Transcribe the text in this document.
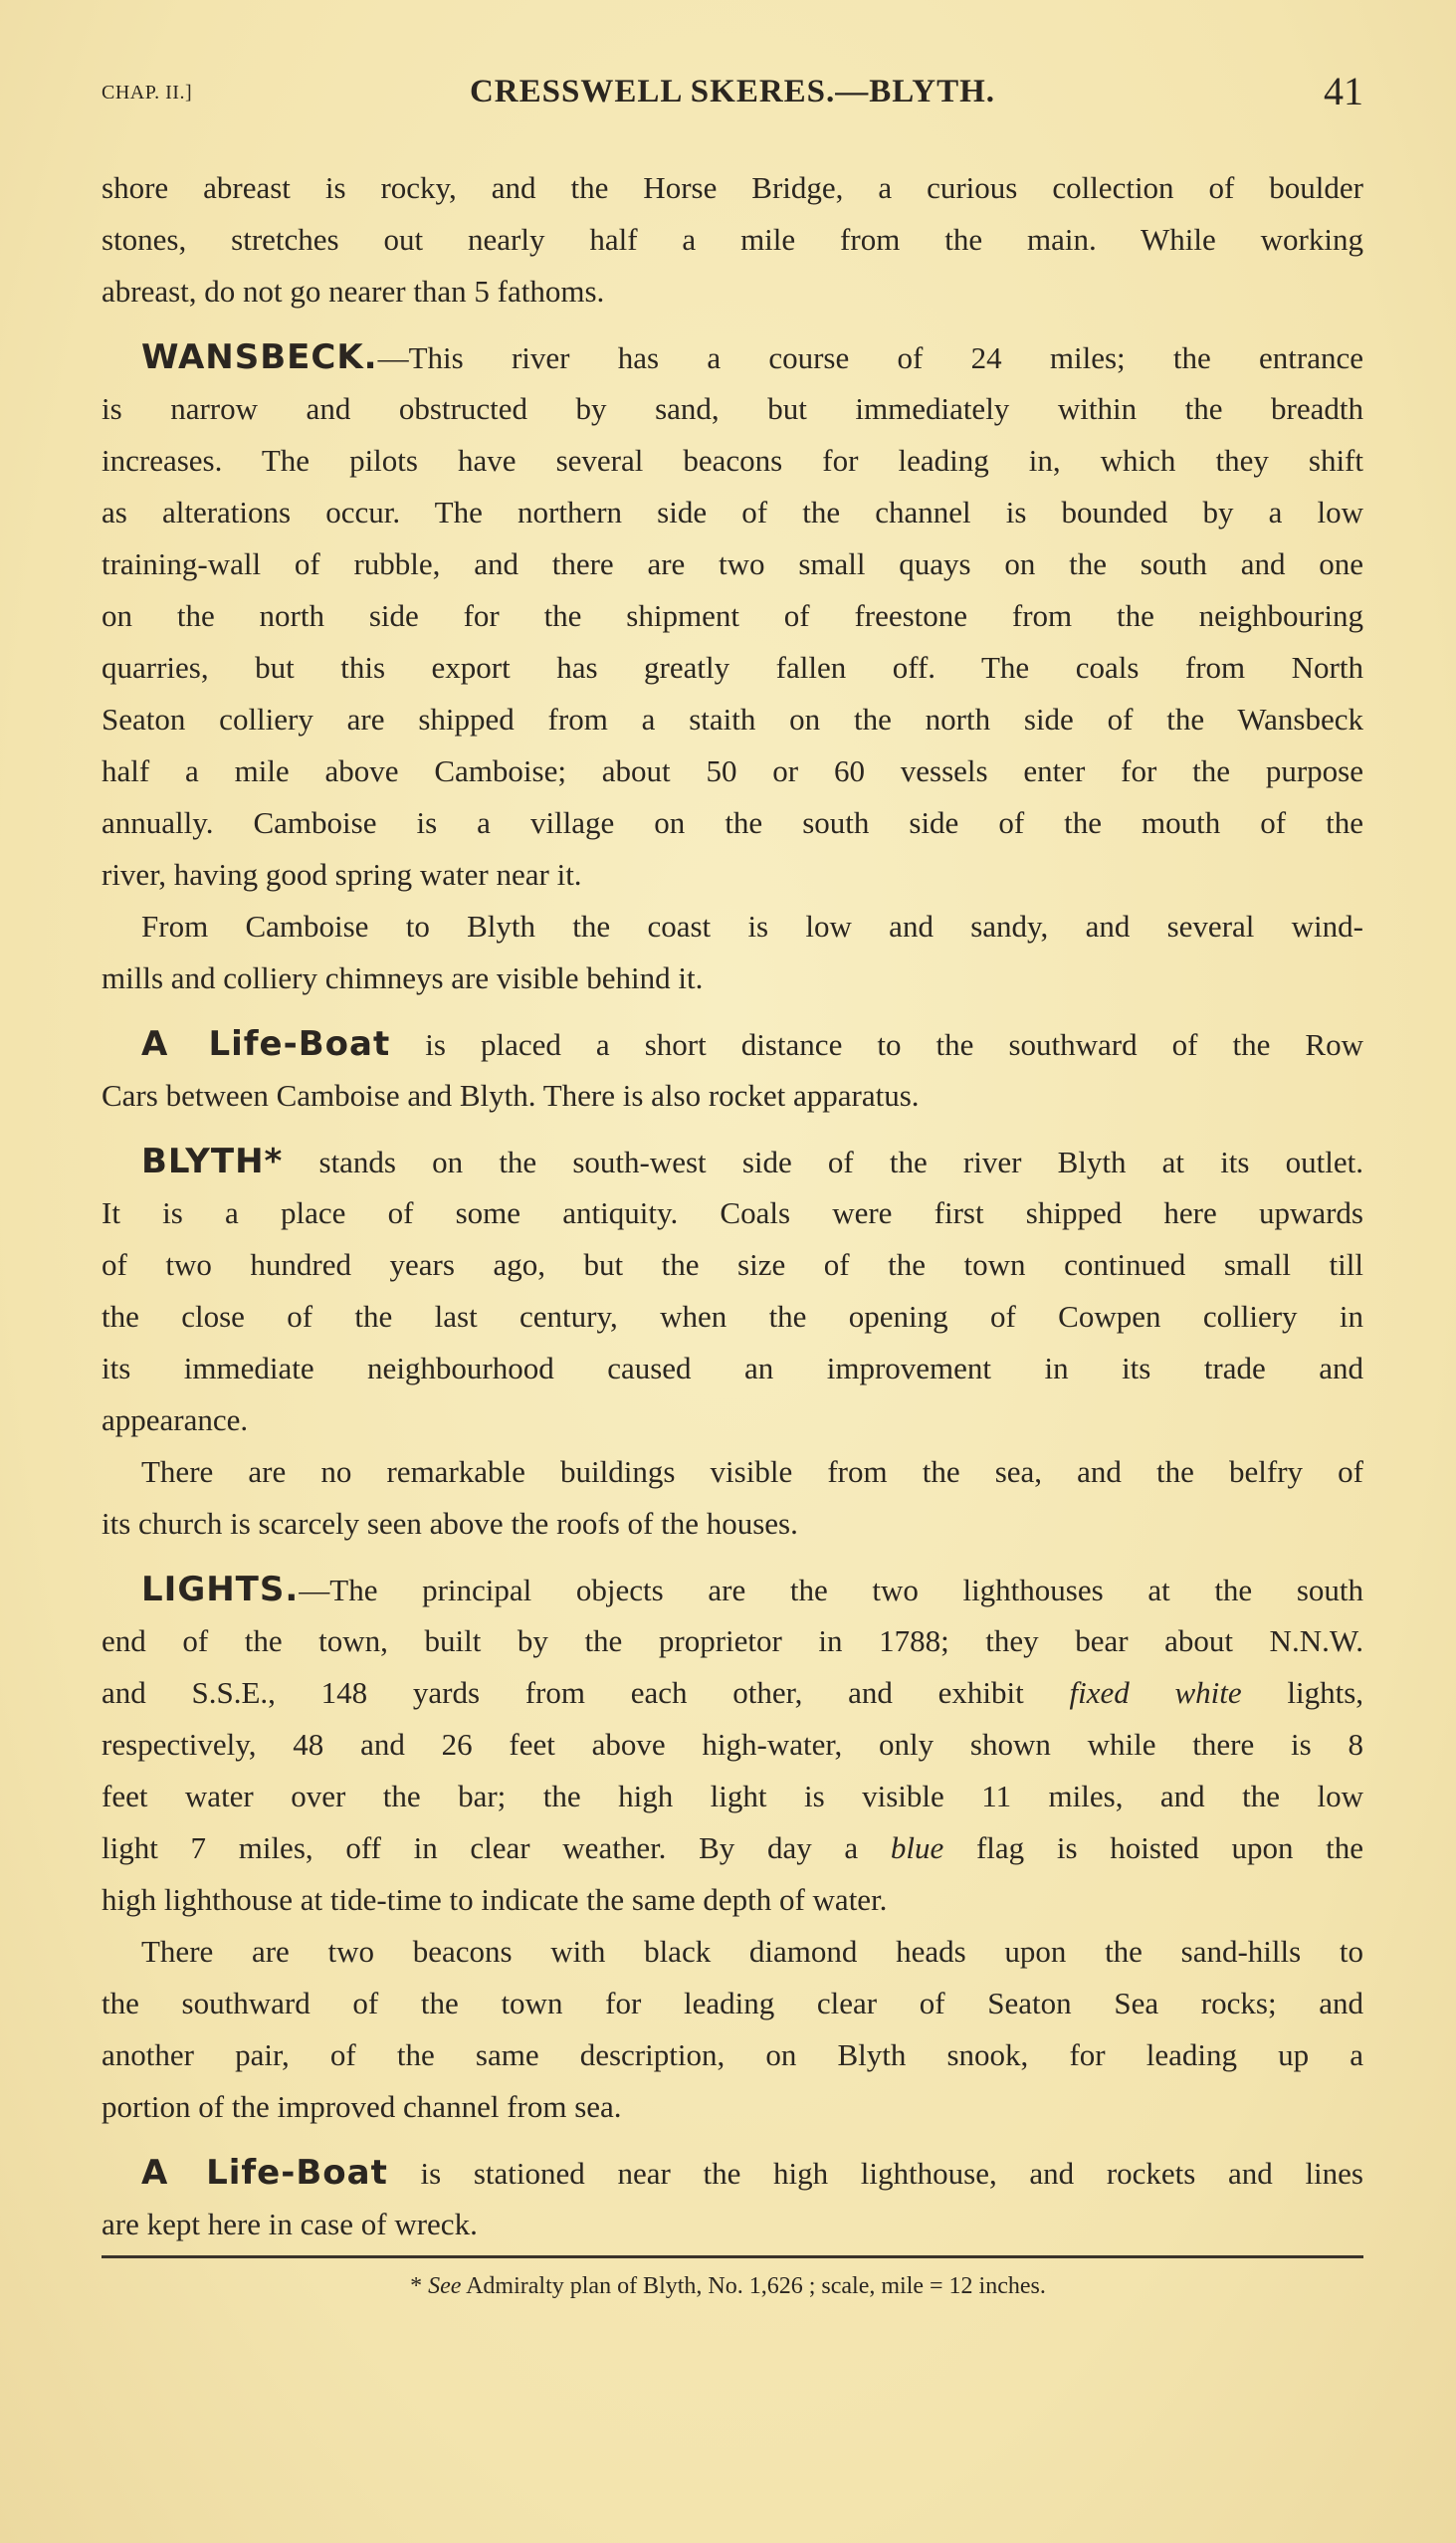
CHAP. II.]	CRESSWELL SKERES.—BLYTH.	41
shore abreast is rocky, and the Horse Bridge, a curious collection of boulder
stones, stretches out nearly half a mile from the main. While working
abreast, do not go nearer than 5 fathoms.
WANSBECK.—This river has a course of 24 miles; the entrance
is narrow and obstructed by sand, but immediately within the breadth
increases. The pilots have several beacons for leading in, which they shift
as alterations occur. The northern side of the channel is bounded by a low
training-wall of rubble, and there are two small quays on the south and one
on the north side for the shipment of freestone from the neighbouring
quarries, but this export has greatly fallen off. The coals from North
Seaton colliery are shipped from a staith on the north side of the Wansbeck
half a mile above Camboise; about 50 or 60 vessels enter for the purpose
annually. Camboise is a village on the south side of the mouth of the
river, having good spring water near it.
From Camboise to Blyth the coast is low and sandy, and several wind-
mills and colliery chimneys are visible behind it.
A Life-Boat is placed a short distance to the southward of the Row
Cars between Camboise and Blyth. There is also rocket apparatus.
BLYTH* stands on the south-west side of the river Blyth at its outlet.
It is a place of some antiquity. Coals were first shipped here upwards
of two hundred years ago, but the size of the town continued small till
the close of the last century, when the opening of Cowpen colliery in
its immediate neighbourhood caused an improvement in its trade and
appearance.
There are no remarkable buildings visible from the sea, and the belfry of
its church is scarcely seen above the roofs of the houses.
LIGHTS.—The principal objects are the two lighthouses at the south
end of the town, built by the proprietor in 1788; they bear about N.N.W.
and S.S.E., 148 yards from each other, and exhibit fixed white lights,
respectively, 48 and 26 feet above high-water, only shown while there is 8
feet water over the bar; the high light is visible 11 miles, and the low
light 7 miles, off in clear weather. By day a blue flag is hoisted upon the
high lighthouse at tide-time to indicate the same depth of water.
There are two beacons with black diamond heads upon the sand-hills to
the southward of the town for leading clear of Seaton Sea rocks; and
another pair, of the same description, on Blyth snook, for leading up a
portion of the improved channel from sea.
A Life-Boat is stationed near the high lighthouse, and rockets and lines
are kept here in case of wreck.
* See Admiralty plan of Blyth, No. 1,626 ; scale, mile = 12 inches.
